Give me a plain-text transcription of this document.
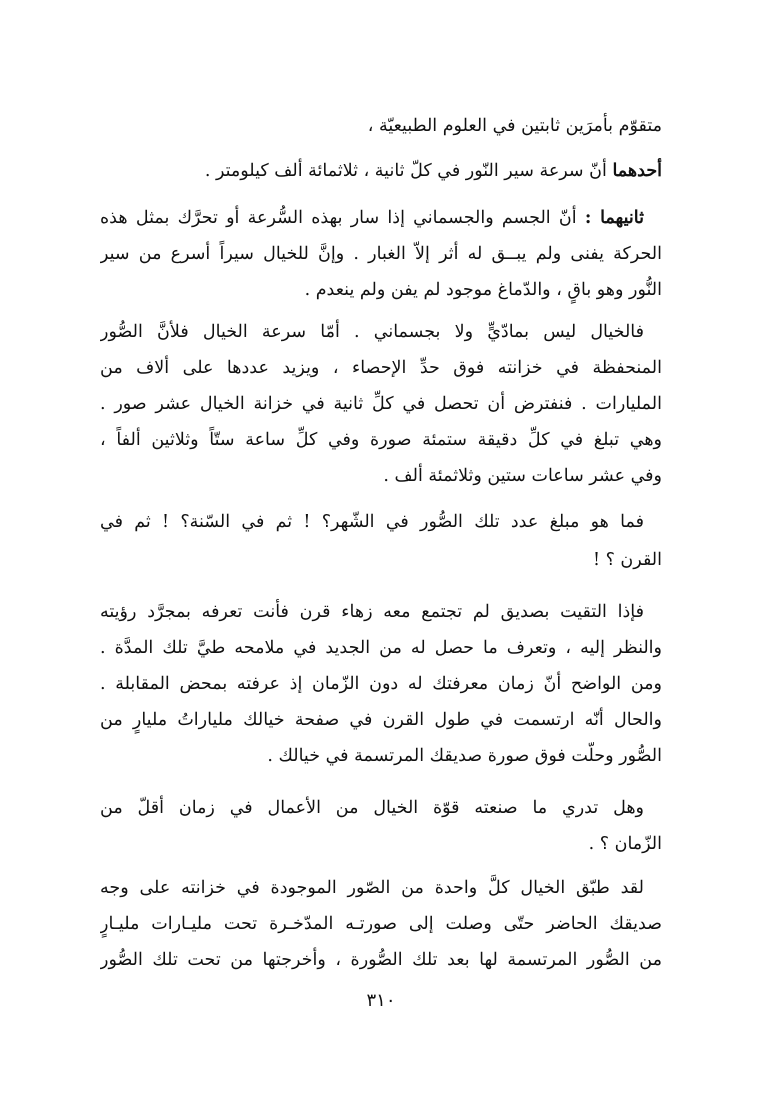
متقوّم بأمرَين ثابتين في العلوم الطبيعيّة ،
أحدهما أنّ سرعة سير النّور في كلّ ثانية ، ثلاثمائة ألف كيلومتر .
ثانيهما : أنّ الجسم والجسماني إذا سار بهذه السُّرعة أو تحرَّك بمثل هذه
الحركة يفنى ولم يبــق له أثر إلاّ الغبار . وإنَّ للخيال سيراً أسرع من سير
النُّور وهو باقٍ ، والدّماغ موجود لم يفن ولم ينعدم .
فالخيال ليس بمادّيٍّ ولا بجسماني . أمّا سرعة الخيال فلأنَّ الصُّور
المنحفظة في خزانته فوق حدِّ الإحصاء ، ويزيد عددها على ألاف من
المليارات . فنفترض أن تحصل في كلِّ ثانية في خزانة الخيال عشر صور .
وهي تبلغ في كلِّ دقيقة ستمئة صورة وفي كلِّ ساعة ستّاً وثلاثين ألفاً ،
وفي عشر ساعات ستين وثلاثمئة ألف .
فما هو مبلغ عدد تلك الصُّور في الشّهر؟ ! ثم في السّنة؟ ! ثم في
القرن ؟ !
فإذا التقيت بصديق لم تجتمع معه زهاء قرن فأنت تعرفه بمجرَّد رؤيته
والنظر إليه ، وتعرف ما حصل له من الجديد في ملامحه طيَّ تلك المدَّة .
ومن الواضح أنّ زمان معرفتك له دون الزّمان إذ عرفته بمحض المقابلة .
والحال أنّه ارتسمت في طول القرن في صفحة خيالك ملياراتُ مليارٍ من
الصُّور وحلّت فوق صورة صديقك المرتسمة في خيالك .
وهل تدري ما صنعته قوّة الخيال من الأعمال في زمان أقلّ من
الزّمان ؟ .
لقد طبّق الخيال كلَّ واحدة من الصّور الموجودة في خزانته على وجه
صديقك الحاضر حتّى وصلت إلى صورتـه المدّخـرة تحت مليـارات مليـارٍ
من الصُّور المرتسمة لها بعد تلك الصُّورة ، وأخرجتها من تحت تلك الصُّور
٣١٠
